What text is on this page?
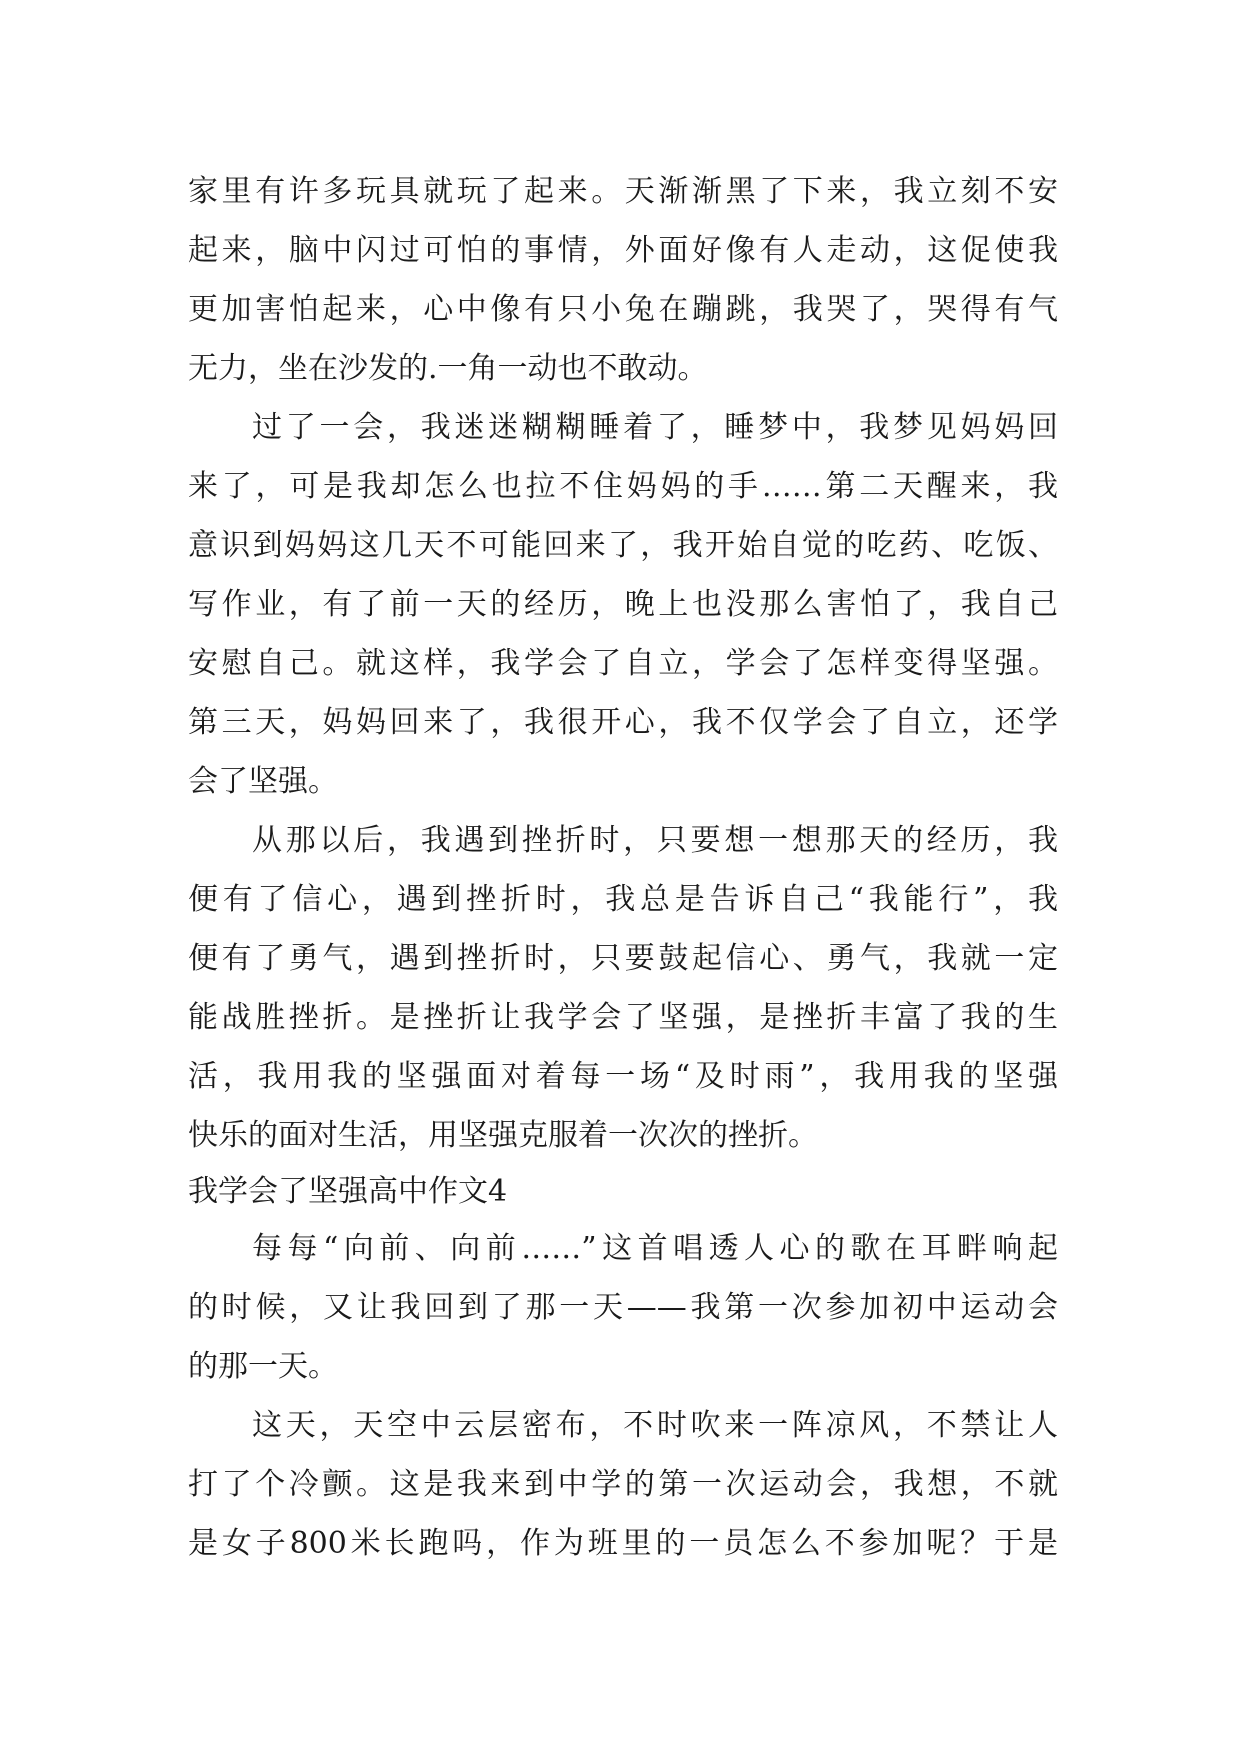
家里有许多玩具就玩了起来。天渐渐黑了下来，我立刻不安
起来，脑中闪过可怕的事情，外面好像有人走动，这促使我
更加害怕起来，心中像有只小兔在蹦跳，我哭了，哭得有气
无力，坐在沙发的.一角一动也不敢动。
过了一会，我迷迷糊糊睡着了，睡梦中，我梦见妈妈回
来了，可是我却怎么也拉不住妈妈的手……第二天醒来，我
意识到妈妈这几天不可能回来了，我开始自觉的吃药、吃饭、
写作业，有了前一天的经历，晚上也没那么害怕了，我自己
安慰自己。就这样，我学会了自立，学会了怎样变得坚强。
第三天，妈妈回来了，我很开心，我不仅学会了自立，还学
会了坚强。
从那以后，我遇到挫折时，只要想一想那天的经历，我
便有了信心，遇到挫折时，我总是告诉自己“我能行”，我
便有了勇气，遇到挫折时，只要鼓起信心、勇气，我就一定
能战胜挫折。是挫折让我学会了坚强，是挫折丰富了我的生
活，我用我的坚强面对着每一场“及时雨”，我用我的坚强
快乐的面对生活，用坚强克服着一次次的挫折。
我学会了坚强高中作文4
每每“向前、向前……”这首唱透人心的歌在耳畔响起
的时候，又让我回到了那一天——我第一次参加初中运动会
的那一天。
这天，天空中云层密布，不时吹来一阵凉风，不禁让人
打了个冷颤。这是我来到中学的第一次运动会，我想，不就
是女子800米长跑吗，作为班里的一员怎么不参加呢？于是
